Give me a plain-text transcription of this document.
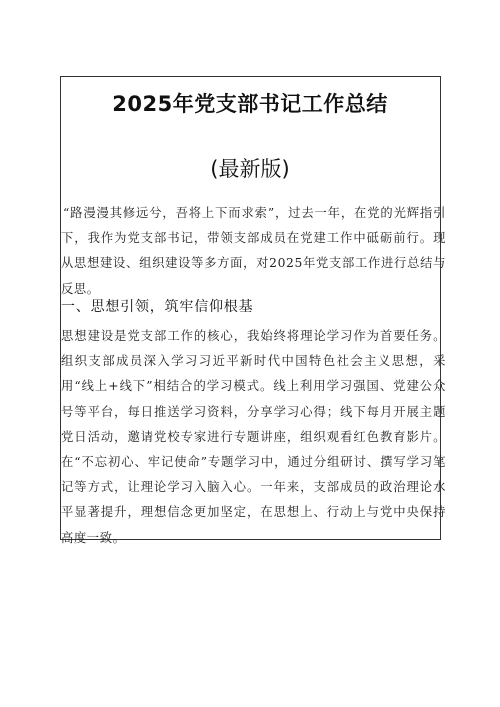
2025年党支部书记工作总结
(最新版)

“路漫漫其修远兮，吾将上下而求索”，过去一年，在党的光辉指引下，我作为党支部书记，带领支部成员在党建工作中砥砺前行。现从思想建设、组织建设等多方面，对2025年党支部工作进行总结与反思。

一、思想引领，筑牢信仰根基

思想建设是党支部工作的核心，我始终将理论学习作为首要任务。组织支部成员深入学习习近平新时代中国特色社会主义思想，采用“线上+线下”相结合的学习模式。线上利用学习强国、党建公众号等平台，每日推送学习资料，分享学习心得；线下每月开展主题党日活动，邀请党校专家进行专题讲座，组织观看红色教育影片。在“不忘初心、牢记使命”专题学习中，通过分组研讨、撰写学习笔记等方式，让理论学习入脑入心。一年来，支部成员的政治理论水平显著提升，理想信念更加坚定，在思想上、行动上与党中央保持高度一致。
